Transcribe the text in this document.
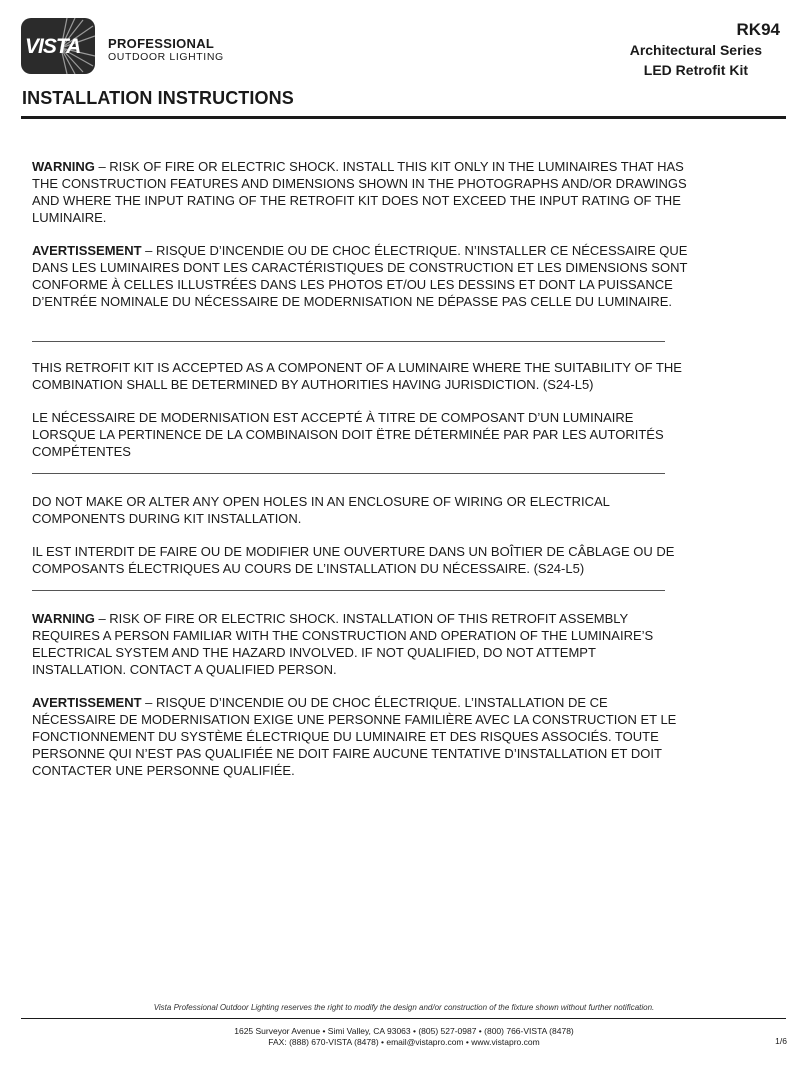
VISTA PROFESSIONAL
OUTDOOR LIGHTING
RK94
Architectural Series
LED Retrofit Kit
INSTALLATION INSTRUCTIONS

WARNING – RISK OF FIRE OR ELECTRIC SHOCK. INSTALL THIS KIT ONLY IN THE LUMINAIRES THAT HAS THE CONSTRUCTION FEATURES AND DIMENSIONS SHOWN IN THE PHOTOGRAPHS AND/OR DRAWINGS AND WHERE THE INPUT RATING OF THE RETROFIT KIT DOES NOT EXCEED THE INPUT RATING OF THE LUMINAIRE.

AVERTISSEMENT – RISQUE D’INCENDIE OU DE CHOC ÉLECTRIQUE. N’INSTALLER CE NÉCESSAIRE QUE DANS LES LUMINAIRES DONT LES CARACTÉRISTIQUES DE CONSTRUCTION ET LES DIMENSIONS SONT CONFORME À CELLES ILLUSTRÉES DANS LES PHOTOS ET/OU LES DESSINS ET DONT LA PUISSANCE D’ENTRÉE NOMINALE DU NÉCESSAIRE DE MODERNISATION NE DÉPASSE PAS CELLE DU LUMINAIRE.

THIS RETROFIT KIT IS ACCEPTED AS A COMPONENT OF A LUMINAIRE WHERE THE SUITABILITY OF THE COMBINATION SHALL BE DETERMINED BY AUTHORITIES HAVING JURISDICTION. (S24-L5)

LE NÉCESSAIRE DE MODERNISATION EST ACCEPTÉ À TITRE DE COMPOSANT D’UN LUMINAIRE LORSQUE LA PERTINENCE DE LA COMBINAISON DOIT ËTRE DÉTERMINÉE PAR PAR LES AUTORITÉS COMPÉTENTES

DO NOT MAKE OR ALTER ANY OPEN HOLES IN AN ENCLOSURE OF WIRING OR ELECTRICAL COMPONENTS DURING KIT INSTALLATION.

IL EST INTERDIT DE FAIRE OU DE MODIFIER UNE OUVERTURE DANS UN BOÎTIER DE CÂBLAGE OU DE COMPOSANTS ÉLECTRIQUES AU COURS DE L’INSTALLATION DU NÉCESSAIRE. (S24-L5)

WARNING – RISK OF FIRE OR ELECTRIC SHOCK. INSTALLATION OF THIS RETROFIT ASSEMBLY REQUIRES A PERSON FAMILIAR WITH THE CONSTRUCTION AND OPERATION OF THE LUMINAIRE’S ELECTRICAL SYSTEM AND THE HAZARD INVOLVED. IF NOT QUALIFIED, DO NOT ATTEMPT INSTALLATION. CONTACT A QUALIFIED PERSON.

AVERTISSEMENT – RISQUE D’INCENDIE OU DE CHOC ÉLECTRIQUE. L’INSTALLATION DE CE NÉCESSAIRE DE MODERNISATION EXIGE UNE PERSONNE FAMILIÈRE AVEC LA CONSTRUCTION ET LE FONCTIONNEMENT DU SYSTÈME ÉLECTRIQUE DU LUMINAIRE ET DES RISQUES ASSOCIÉS. TOUTE PERSONNE QUI N’EST PAS QUALIFIÉE NE DOIT FAIRE AUCUNE TENTATIVE D’INSTALLATION ET DOIT CONTACTER UNE PERSONNE QUALIFIÉE.

Vista Professional Outdoor Lighting reserves the right to modify the design and/or construction of the fixture shown without further notification.
1625 Surveyor Avenue • Simi Valley, CA 93063 • (805) 527-0987 • (800) 766-VISTA (8478)
FAX: (888) 670-VISTA (8478) • email@vistapro.com • www.vistapro.com	1/6
